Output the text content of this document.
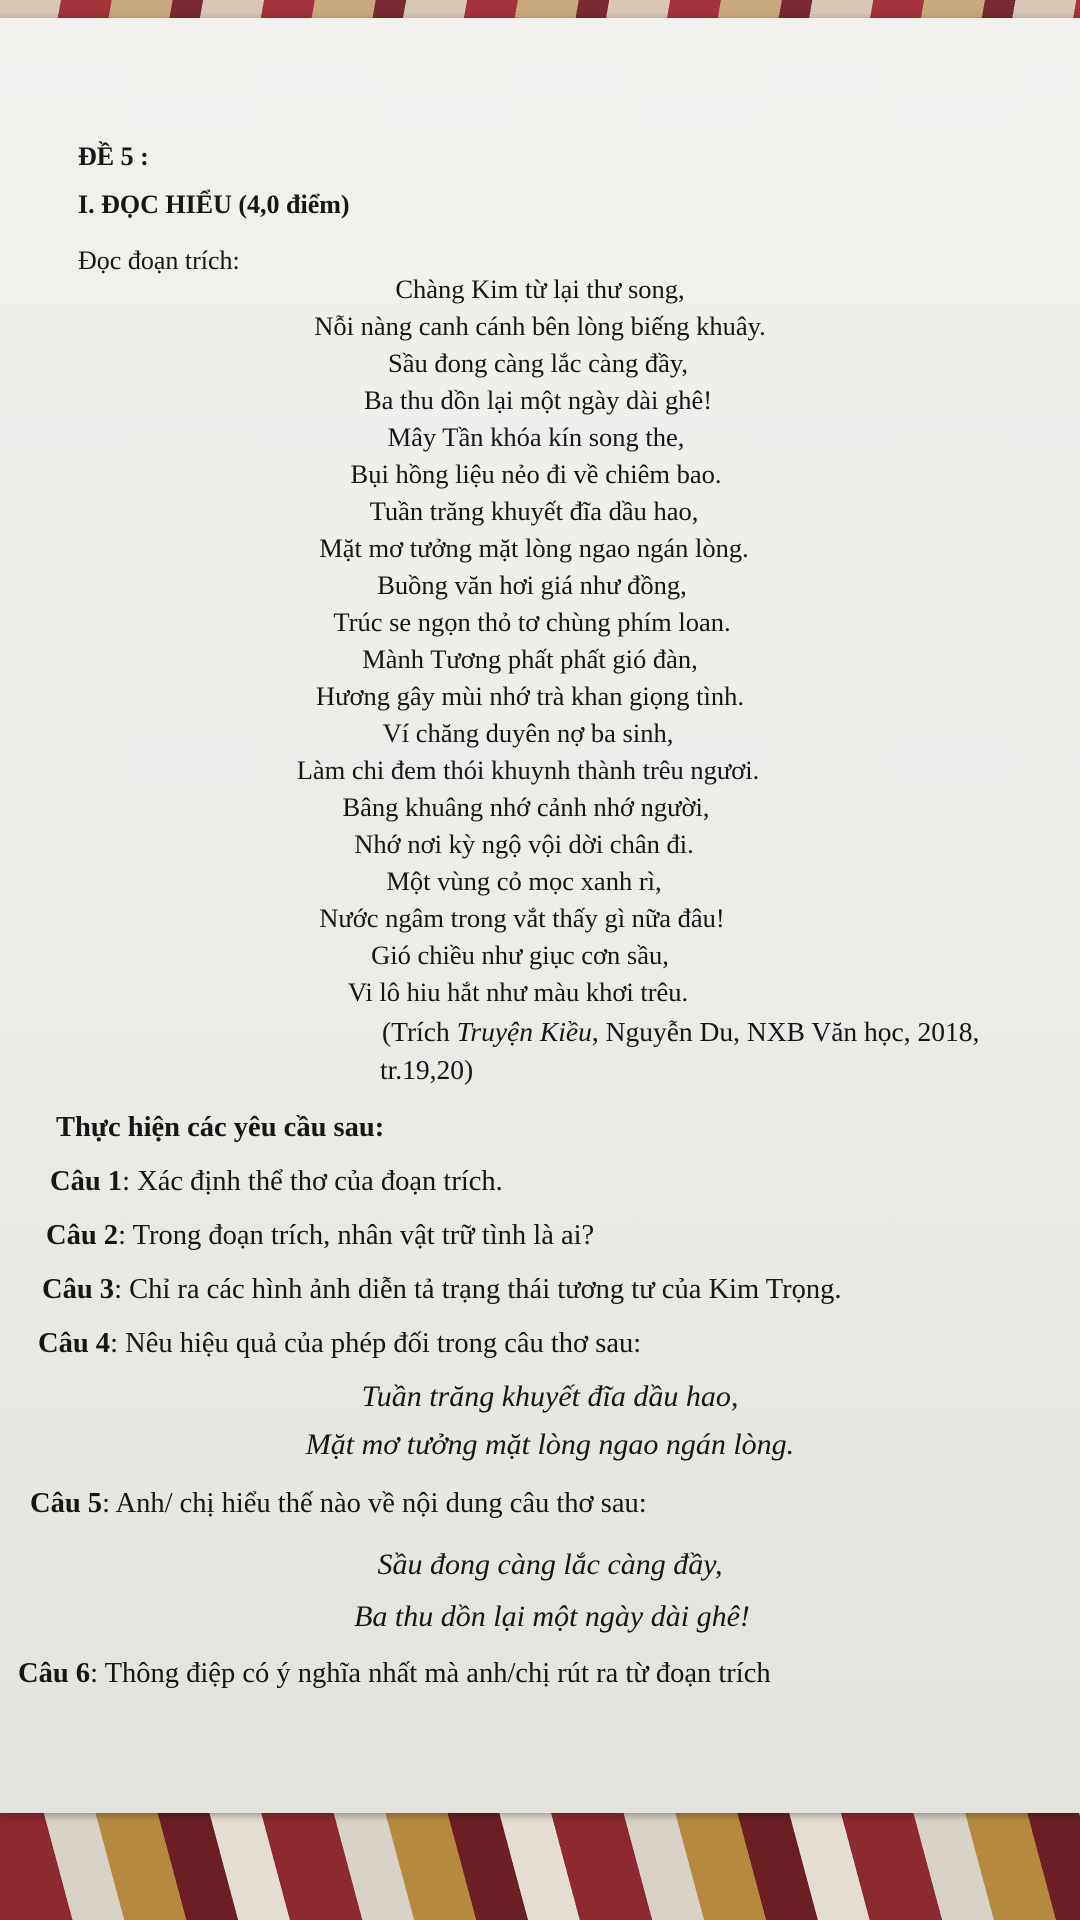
ĐỀ 5 :
I. ĐỌC HIỂU (4,0 điểm)
Đọc đoạn trích:
Chàng Kim từ lại thư song,
Nỗi nàng canh cánh bên lòng biếng khuây.
Sầu đong càng lắc càng đầy,
Ba thu dồn lại một ngày dài ghê!
Mây Tần khóa kín song the,
Bụi hồng liệu nẻo đi về chiêm bao.
Tuần trăng khuyết đĩa dầu hao,
Mặt mơ tưởng mặt lòng ngao ngán lòng.
Buồng văn hơi giá như đồng,
Trúc se ngọn thỏ tơ chùng phím loan.
Mành Tương phất phất gió đàn,
Hương gây mùi nhớ trà khan giọng tình.
Ví chăng duyên nợ ba sinh,
Làm chi đem thói khuynh thành trêu ngươi.
Bâng khuâng nhớ cảnh nhớ người,
Nhớ nơi kỳ ngộ vội dời chân đi.
Một vùng cỏ mọc xanh rì,
Nước ngâm trong vắt thấy gì nữa đâu!
Gió chiều như giục cơn sầu,
Vi lô hiu hắt như màu khơi trêu.
(Trích Truyện Kiều, Nguyễn Du, NXB Văn học, 2018,
tr.19,20)
Thực hiện các yêu cầu sau:
Câu 1: Xác định thể thơ của đoạn trích.
Câu 2: Trong đoạn trích, nhân vật trữ tình là ai?
Câu 3: Chỉ ra các hình ảnh diễn tả trạng thái tương tư của Kim Trọng.
Câu 4: Nêu hiệu quả của phép đối trong câu thơ sau:
Tuần trăng khuyết đĩa dầu hao,
Mặt mơ tưởng mặt lòng ngao ngán lòng.
Câu 5: Anh/ chị hiểu thế nào về nội dung câu thơ sau:
Sầu đong càng lắc càng đầy,
Ba thu dồn lại một ngày dài ghê!
Câu 6: Thông điệp có ý nghĩa nhất mà anh/chị rút ra từ đoạn trích
